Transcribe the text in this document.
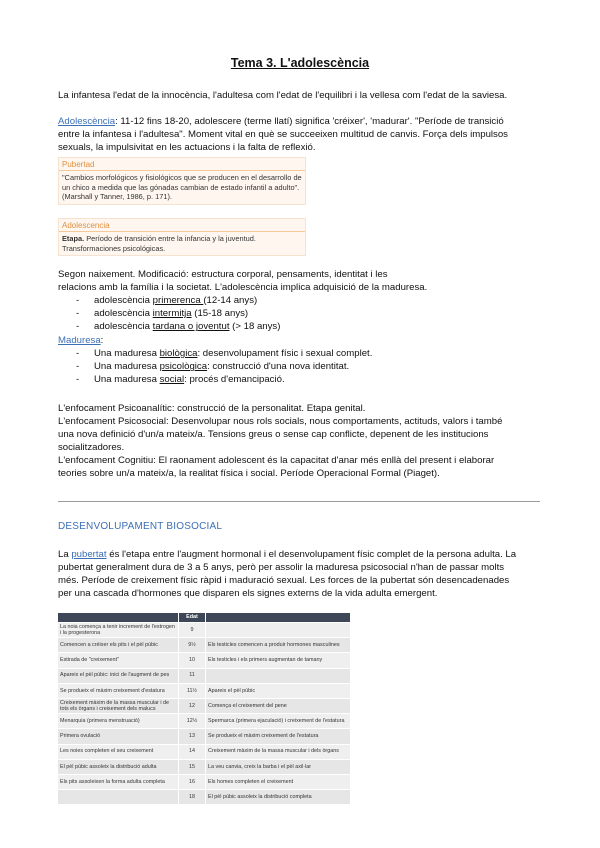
Tema 3. L'adolescència

La infantesa l'edat de la innocència, l'adultesa com l'edat de l'equilibri i la vellesa com l'edat de la saviesa.

Adolescència: 11-12 fins 18-20, adolescere (terme llatí) significa 'créixer', 'madurar'. "Període de transició

entre la infantesa i l'adultesa". Moment vital en què se succeeixen multitud de canvis. Força dels impulsos

sexuals, la impulsivitat en les actuacions i la falta de reflexió.

Pubertad
"Cambios morfológicos y fisiológicos que se producen en el desarrollo de un chico a medida que las gónadas cambian de estado infantil a adulto". (Marshall y Tanner, 1986, p. 171).
Adolescencia
Etapa. Período de transición entre la infancia y la juventud.
Transformaciones psicológicas.

Segon naixement. Modificació: estructura corporal, pensaments, identitat i les

relacions amb la família i la societat. L'adolescència implica adquisició de la maduresa.

- adolescència primerenca (12-14 anys)
- adolescència intermitja (15-18 anys)
- adolescència tardana o joventut (> 18 anys)

Maduresa:

- Una maduresa biològica: desenvolupament físic i sexual complet.
- Una maduresa psicològica: construcció d'una nova identitat.
- Una maduresa social: procés d'emancipació.

L'enfocament Psicoanalític: construcció de la personalitat. Etapa genital.

L'enfocament Psicosocial: Desenvolupar nous rols socials, nous comportaments, actituds, valors i també

una nova definició d'un/a mateix/a. Tensions greus o sense cap conflicte, depenent de les institucions

socialitzadores.

L'enfocament Cognitiu: El raonament adolescent és la capacitat d'anar més enllà del present i elaborar

teories sobre un/a mateix/a, la realitat física i social. Període Operacional Formal (Piaget).

DESENVOLUPAMENT BIOSOCIAL

La pubertat és l'etapa entre l'augment hormonal i el desenvolupament físic complet de la persona adulta. La

pubertat generalment dura de 3 a 5 anys, però per assolir la maduresa psicosocial n'han de passar molts

més. Període de creixement físic ràpid i maduració sexual. Les forces de la pubertat són desencadenades

per una cascada d'hormones que disparen els signes externs de la vida adulta emergent.

	Edat	
La noia comença a tenir increment de l'estrogen i la progesterona	9	
Comencen a créixer els pits i el pèl púbic	9½	Els testicles comencen a produir hormones masculines
Estirada de "creixement"	10	Els testicles i els primers augmentan de tamany
Apareix el pèl púbic: inici de l'augment de pes	11	
Se produeix el màxim creixement d'estatura	11½	Apareix el pèl púbic
Creixement màxim de la massa muscular i de tots els òrgans i creixement dels malucs	12	Comença el creixement del pene
Menarquia (primera menstruació)	12½	Spermarca (primera ejaculació) i creixement de l'estatura
Primera ovulació	13	Se produeix el màxim creixement de l'estatura
Les noies completen el seu creixement	14	Creixement màxim de la massa muscular i dels òrgans
El pèl púbic assoleix la distribució adulta	15	La veu canvia, creix la barba i el pèl axil·lar
Els pits assoleixen la forma adulta completa	16	Els homes completen el creixement
	18	El pèl púbic assoleix la distribució completa
